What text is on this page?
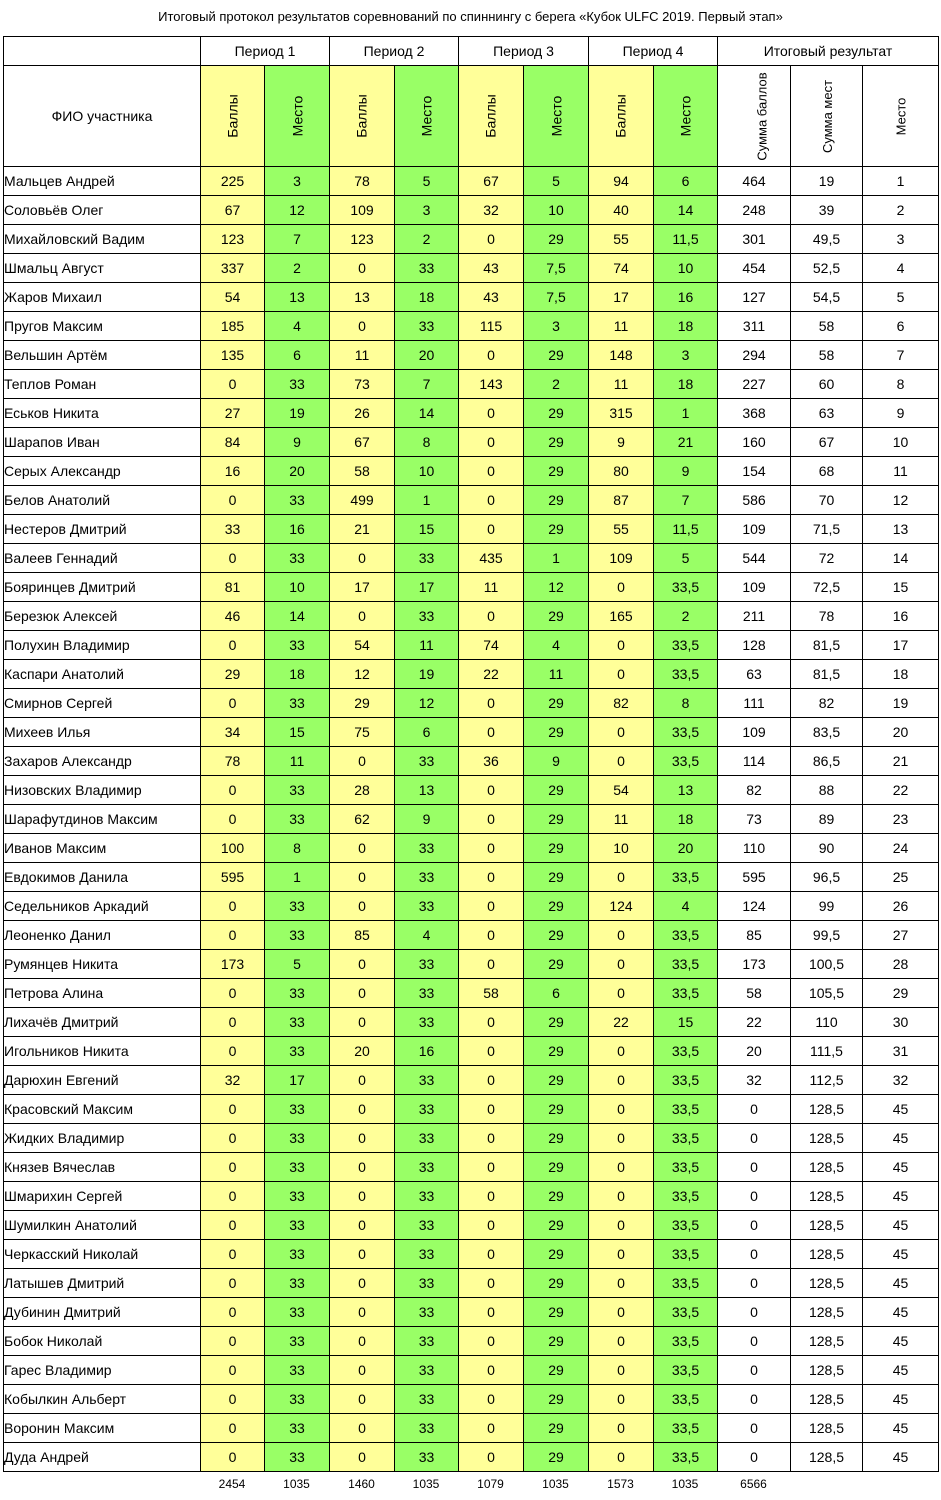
Итоговый протокол результатов соревнований по спиннингу с берега «Кубок ULFC 2019. Первый этап»
	Период 1		Период 2		Период 3		Период 4		Итоговый результат		
ФИО участника	Баллы	Место	Баллы	Место	Баллы	Место	Баллы	Место	Сумма баллов	Сумма мест	Место
Мальцев Андрей	225	3	78	5	67	5	94	6	464	19	1
Соловьёв Олег	67	12	109	3	32	10	40	14	248	39	2
Михайловский Вадим	123	7	123	2	0	29	55	11,5	301	49,5	3
Шмальц Август	337	2	0	33	43	7,5	74	10	454	52,5	4
Жаров Михаил	54	13	13	18	43	7,5	17	16	127	54,5	5
Пругов Максим	185	4	0	33	115	3	11	18	311	58	6
Вельшин Артём	135	6	11	20	0	29	148	3	294	58	7
Теплов Роман	0	33	73	7	143	2	11	18	227	60	8
Еськов Никита	27	19	26	14	0	29	315	1	368	63	9
Шарапов Иван	84	9	67	8	0	29	9	21	160	67	10
Серых Александр	16	20	58	10	0	29	80	9	154	68	11
Белов Анатолий	0	33	499	1	0	29	87	7	586	70	12
Нестеров Дмитрий	33	16	21	15	0	29	55	11,5	109	71,5	13
Валеев Геннадий	0	33	0	33	435	1	109	5	544	72	14
Бояринцев Дмитрий	81	10	17	17	11	12	0	33,5	109	72,5	15
Березюк Алексей	46	14	0	33	0	29	165	2	211	78	16
Полухин Владимир	0	33	54	11	74	4	0	33,5	128	81,5	17
Каспари Анатолий	29	18	12	19	22	11	0	33,5	63	81,5	18
Смирнов Сергей	0	33	29	12	0	29	82	8	111	82	19
Михеев Илья	34	15	75	6	0	29	0	33,5	109	83,5	20
Захаров Александр	78	11	0	33	36	9	0	33,5	114	86,5	21
Низовских Владимир	0	33	28	13	0	29	54	13	82	88	22
Шарафутдинов Максим	0	33	62	9	0	29	11	18	73	89	23
Иванов Максим	100	8	0	33	0	29	10	20	110	90	24
Евдокимов Данила	595	1	0	33	0	29	0	33,5	595	96,5	25
Седельников Аркадий	0	33	0	33	0	29	124	4	124	99	26
Леоненко Данил	0	33	85	4	0	29	0	33,5	85	99,5	27
Румянцев Никита	173	5	0	33	0	29	0	33,5	173	100,5	28
Петрова Алина	0	33	0	33	58	6	0	33,5	58	105,5	29
Лихачёв Дмитрий	0	33	0	33	0	29	22	15	22	110	30
Игольников Никита	0	33	20	16	0	29	0	33,5	20	111,5	31
Дарюхин Евгений	32	17	0	33	0	29	0	33,5	32	112,5	32
Красовский Максим	0	33	0	33	0	29	0	33,5	0	128,5	45
Жидких Владимир	0	33	0	33	0	29	0	33,5	0	128,5	45
Князев Вячеслав	0	33	0	33	0	29	0	33,5	0	128,5	45
Шмарихин Сергей	0	33	0	33	0	29	0	33,5	0	128,5	45
Шумилкин Анатолий	0	33	0	33	0	29	0	33,5	0	128,5	45
Черкасский Николай	0	33	0	33	0	29	0	33,5	0	128,5	45
Латышев Дмитрий	0	33	0	33	0	29	0	33,5	0	128,5	45
Дубинин Дмитрий	0	33	0	33	0	29	0	33,5	0	128,5	45
Бобок Николай	0	33	0	33	0	29	0	33,5	0	128,5	45
Гарес Владимир	0	33	0	33	0	29	0	33,5	0	128,5	45
Кобылкин Альберт	0	33	0	33	0	29	0	33,5	0	128,5	45
Воронин Максим	0	33	0	33	0	29	0	33,5	0	128,5	45
Дуда Андрей	0	33	0	33	0	29	0	33,5	0	128,5	45
	2454	1035	1460	1035	1079	1035	1573	1035	6566		
